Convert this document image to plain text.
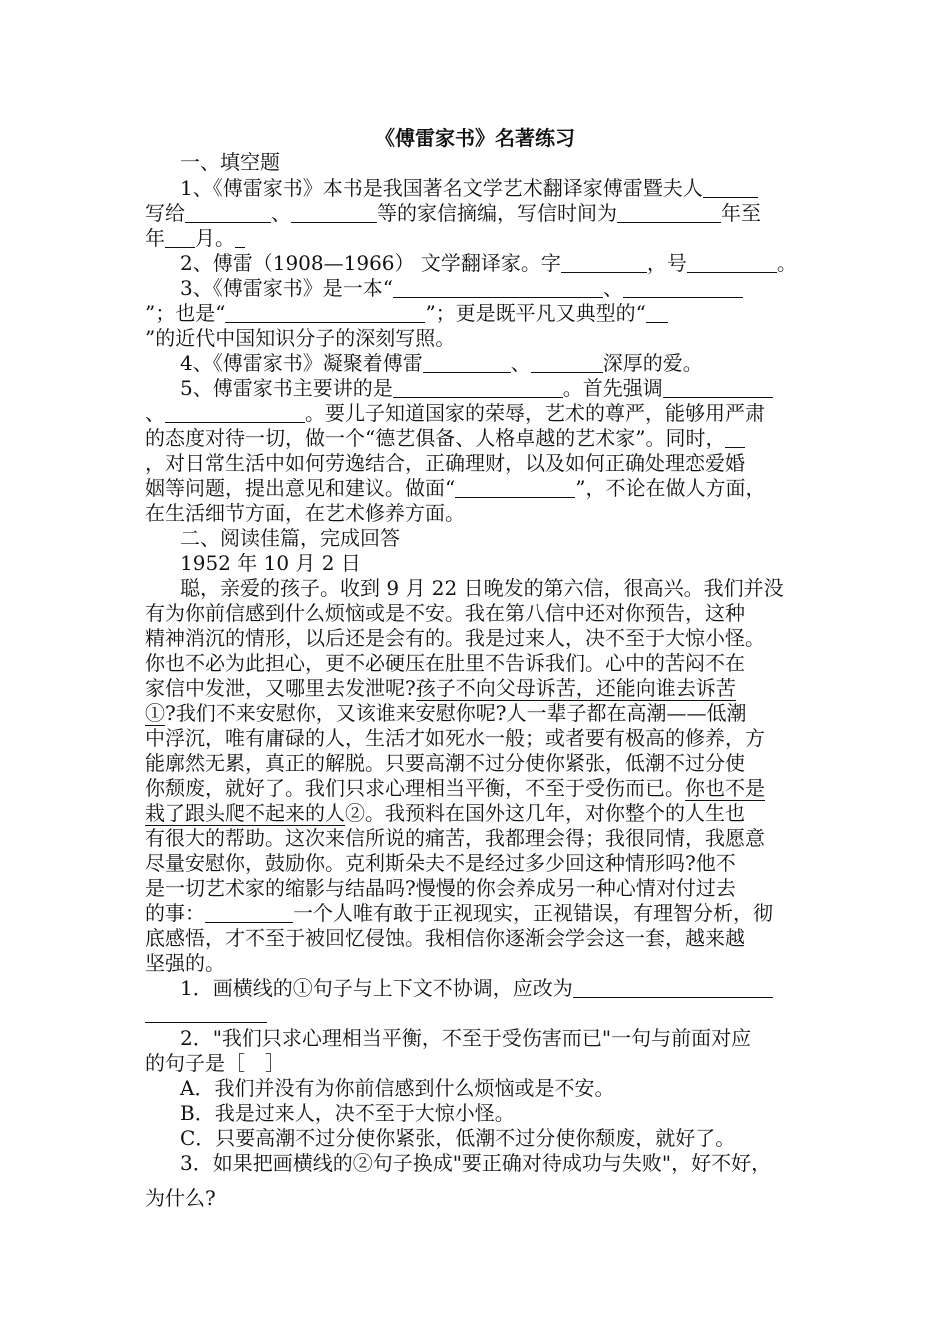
《傅雷家书》名著练习
一、填空题
1、《傅雷家书》本书是我国著名文学艺术翻译家傅雷暨夫人
写给	、	等的家信摘编，写信时间为	年至
年 月。
2、傅雷（1908—1966） 文学翻译家。字	，号	。
3、《傅雷家书》是一本“	、
”；也是“	”；更是既平凡又典型的“
”的近代中国知识分子的深刻写照。
4、《傅雷家书》凝聚着傅雷	、	深厚的爱。
5、傅雷家书主要讲的是	。首先强调
、	。要儿子知道国家的荣辱，艺术的尊严，能够用严肃
的态度对待一切，做一个“德艺俱备、人格卓越的艺术家”。同时，
，对日常生活中如何劳逸结合，正确理财，以及如何正确处理恋爱婚
姻等问题，提出意见和建议。做面“	”，不论在做人方面，
在生活细节方面，在艺术修养方面。
二、阅读佳篇，完成回答
1952 年 10 月 2 日
聪，亲爱的孩子。收到 9 月 22 日晚发的第六信，很高兴。我们并没
有为你前信感到什么烦恼或是不安。我在第八信中还对你预告，这种
精神消沉的情形，以后还是会有的。我是过来人，决不至于大惊小怪。
你也不必为此担心，更不必硬压在肚里不告诉我们。心中的苦闷不在
家信中发泄，又哪里去发泄呢?孩子不向父母诉苦，还能向谁去诉苦
①?我们不来安慰你，又该谁来安慰你呢?人一辈子都在高潮——低潮
中浮沉，唯有庸碌的人，生活才如死水一般；或者要有极高的修养，方
能廓然无累，真正的解脱。只要高潮不过分使你紧张，低潮不过分使
你颓废，就好了。我们只求心理相当平衡，不至于受伤而已。你也不是
栽了跟头爬不起来的人②。我预料在国外这几年，对你整个的人生也
有很大的帮助。这次来信所说的痛苦，我都理会得；我很同情，我愿意
尽量安慰你，鼓励你。克利斯朵夫不是经过多少回这种情形吗?他不
是一切艺术家的缩影与结晶吗?慢慢的你会养成另一种心情对付过去
的事：	一个人唯有敢于正视现实，正视错误，有理智分析，彻
底感悟，才不至于被回忆侵蚀。我相信你逐渐会学会这一套，越来越
坚强的。
1．画横线的①句子与上下文不协调，应改为
2．"我们只求心理相当平衡，不至于受伤害而已"一句与前面对应
的句子是［　］
A．我们并没有为你前信感到什么烦恼或是不安。
B．我是过来人，决不至于大惊小怪。
C．只要高潮不过分使你紧张，低潮不过分使你颓废，就好了。
3．如果把画横线的②句子换成"要正确对待成功与失败"，好不好，
为什么?
